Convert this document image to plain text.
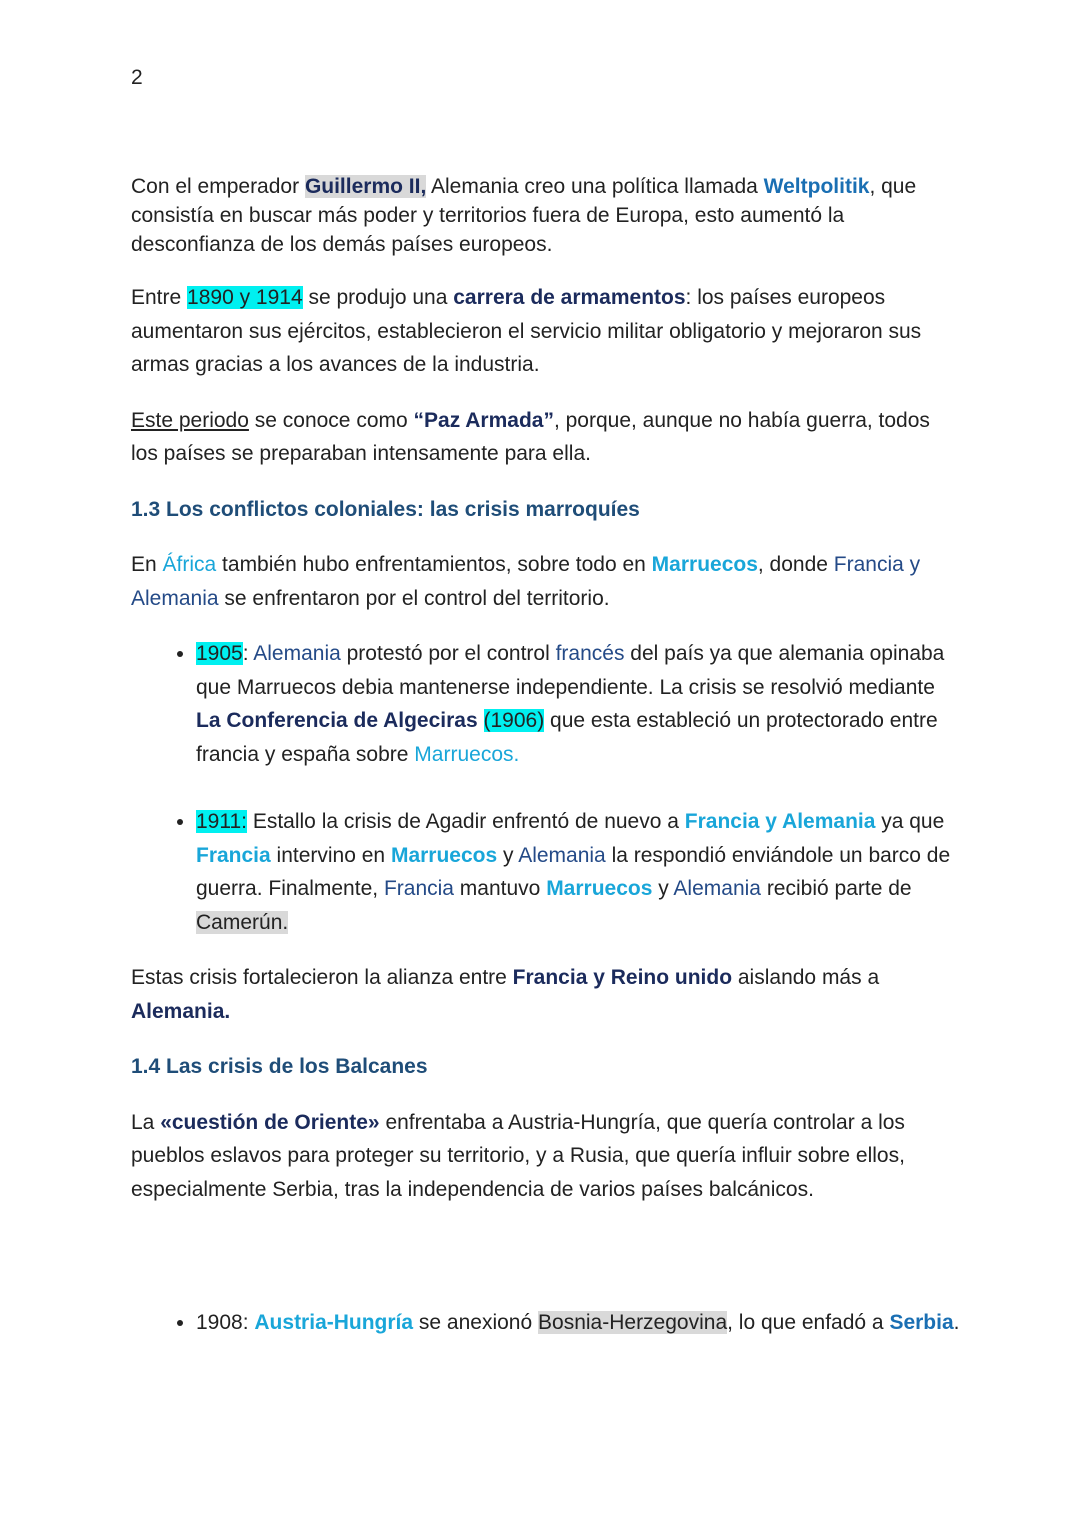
2

Con el emperador Guillermo II, Alemania creo una política llamada Weltpolitik, que consistía en buscar más poder y territorios fuera de Europa, esto aumentó la desconfianza de los demás países europeos.

Entre 1890 y 1914 se produjo una carrera de armamentos: los países europeos aumentaron sus ejércitos, establecieron el servicio militar obligatorio y mejoraron sus armas gracias a los avances de la industria.

Este periodo se conoce como “Paz Armada”, porque, aunque no había guerra, todos los países se preparaban intensamente para ella.

1.3 Los conflictos coloniales: las crisis marroquíes

En África también hubo enfrentamientos, sobre todo en Marruecos, donde Francia y Alemania se enfrentaron por el control del territorio.

• 1905: Alemania protestó por el control francés del país ya que alemania opinaba que Marruecos debia mantenerse independiente. La crisis se resolvió mediante La Conferencia de Algeciras (1906) que esta estableció un protectorado entre francia y españa sobre Marruecos.
• 1911: Estallo la crisis de Agadir enfrentó de nuevo a Francia y Alemania ya que Francia intervino en Marruecos y Alemania la respondió enviándole un barco de guerra. Finalmente, Francia mantuvo Marruecos y Alemania recibió parte de Camerún.

Estas crisis fortalecieron la alianza entre Francia y Reino unido aislando más a Alemania.

1.4 Las crisis de los Balcanes

La «cuestión de Oriente» enfrentaba a Austria-Hungría, que quería controlar a los pueblos eslavos para proteger su territorio, y a Rusia, que quería influir sobre ellos, especialmente Serbia, tras la independencia de varios países balcánicos.

• 1908: Austria-Hungría se anexionó Bosnia-Herzegovina, lo que enfadó a Serbia.
